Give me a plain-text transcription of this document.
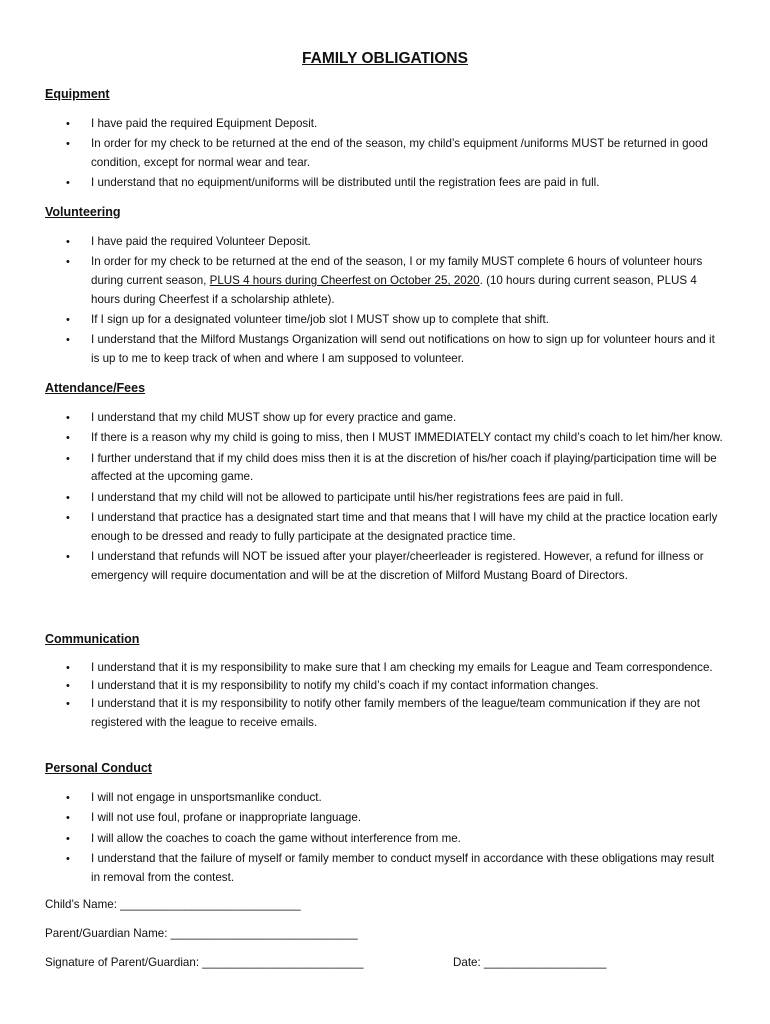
FAMILY OBLIGATIONS
Equipment
• I have paid the required Equipment Deposit.
• In order for my check to be returned at the end of the season, my child’s equipment /uniforms MUST be returned in good condition, except for normal wear and tear.
• I understand that no equipment/uniforms will be distributed until the registration fees are paid in full.
Volunteering
• I have paid the required Volunteer Deposit.
• In order for my check to be returned at the end of the season, I or my family MUST complete 6 hours of volunteer hours during current season, PLUS 4 hours during Cheerfest on October 25, 2020. (10 hours during current season, PLUS 4 hours during Cheerfest if a scholarship athlete).
• If I sign up for a designated volunteer time/job slot I MUST show up to complete that shift.
• I understand that the Milford Mustangs Organization will send out notifications on how to sign up for volunteer hours and it is up to me to keep track of when and where I am supposed to volunteer.
Attendance/Fees
• I understand that my child MUST show up for every practice and game.
• If there is a reason why my child is going to miss, then I MUST IMMEDIATELY contact my child’s coach to let him/her know.
• I further understand that if my child does miss then it is at the discretion of his/her coach if playing/participation time will be affected at the upcoming game.
• I understand that my child will not be allowed to participate until his/her registrations fees are paid in full.
• I understand that practice has a designated start time and that means that I will have my child at the practice location early enough to be dressed and ready to fully participate at the designated practice time.
• I understand that refunds will NOT be issued after your player/cheerleader is registered. However, a refund for illness or emergency will require documentation and will be at the discretion of Milford Mustang Board of Directors.
Communication
• I understand that it is my responsibility to make sure that I am checking my emails for League and Team correspondence.
• I understand that it is my responsibility to notify my child’s coach if my contact information changes.
• I understand that it is my responsibility to notify other family members of the league/team communication if they are not registered with the league to receive emails.
Personal Conduct
• I will not engage in unsportsmanlike conduct.
• I will not use foul, profane or inappropriate language.
• I will allow the coaches to coach the game without interference from me.
• I understand that the failure of myself or family member to conduct myself in accordance with these obligations may result in removal from the contest.
Child’s Name: ____________________________
Parent/Guardian Name: _____________________________
Signature of Parent/Guardian: _________________________	Date: ___________________
